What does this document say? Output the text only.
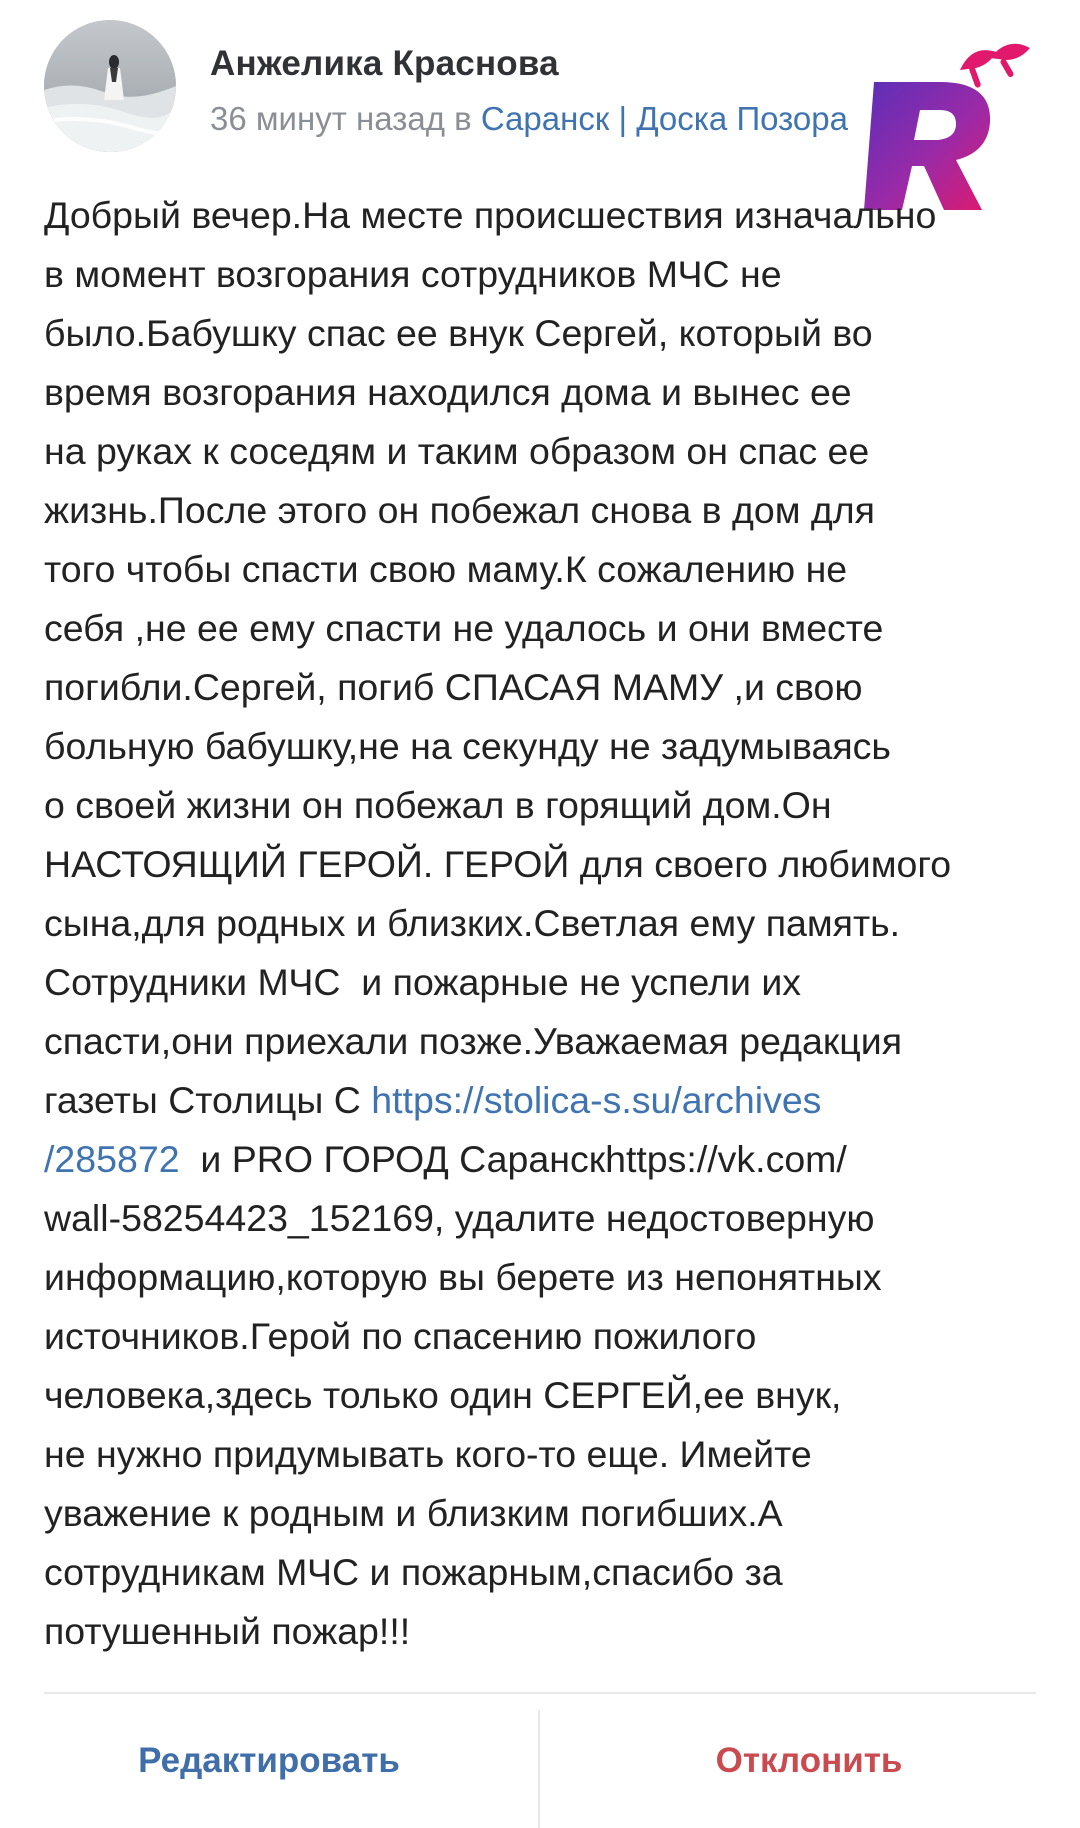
Анжелика Краснова
36 минут назад в Саранск | Доска Позора

Добрый вечер.На месте происшествия изначально
в момент возгорания сотрудников МЧС не
было.Бабушку спас ее внук Сергей, который во
время возгорания находился дома и вынес ее
на руках к соседям и таким образом он спас ее
жизнь.После этого он побежал снова в дом для
того чтобы спасти свою маму.К сожалению не
себя ,не ее ему спасти не удалось и они вместе
погибли.Сергей, погиб СПАСАЯ МАМУ ,и свою
больную бабушку,не на секунду не задумываясь
о своей жизни он побежал в горящий дом.Он
НАСТОЯЩИЙ ГЕРОЙ. ГЕРОЙ для своего любимого
сына,для родных и близких.Светлая ему память.
Сотрудники МЧС  и пожарные не успели их
спасти,они приехали позже.Уважаемая редакция
газеты Столицы С https://stolica-s.su/archives
/285872  и PRO ГОРОД Саранскhttps://vk.com/
wall-58254423_152169, удалите недостоверную
информацию,которую вы берете из непонятных
источников.Герой по спасению пожилого
человека,здесь только один СЕРГЕЙ,ее внук,
не нужно придумывать кого-то еще. Имейте
уважение к родным и близким погибших.А
сотрудникам МЧС и пожарным,спасибо за
потушенный пожар!!!

Редактировать	Отклонить
